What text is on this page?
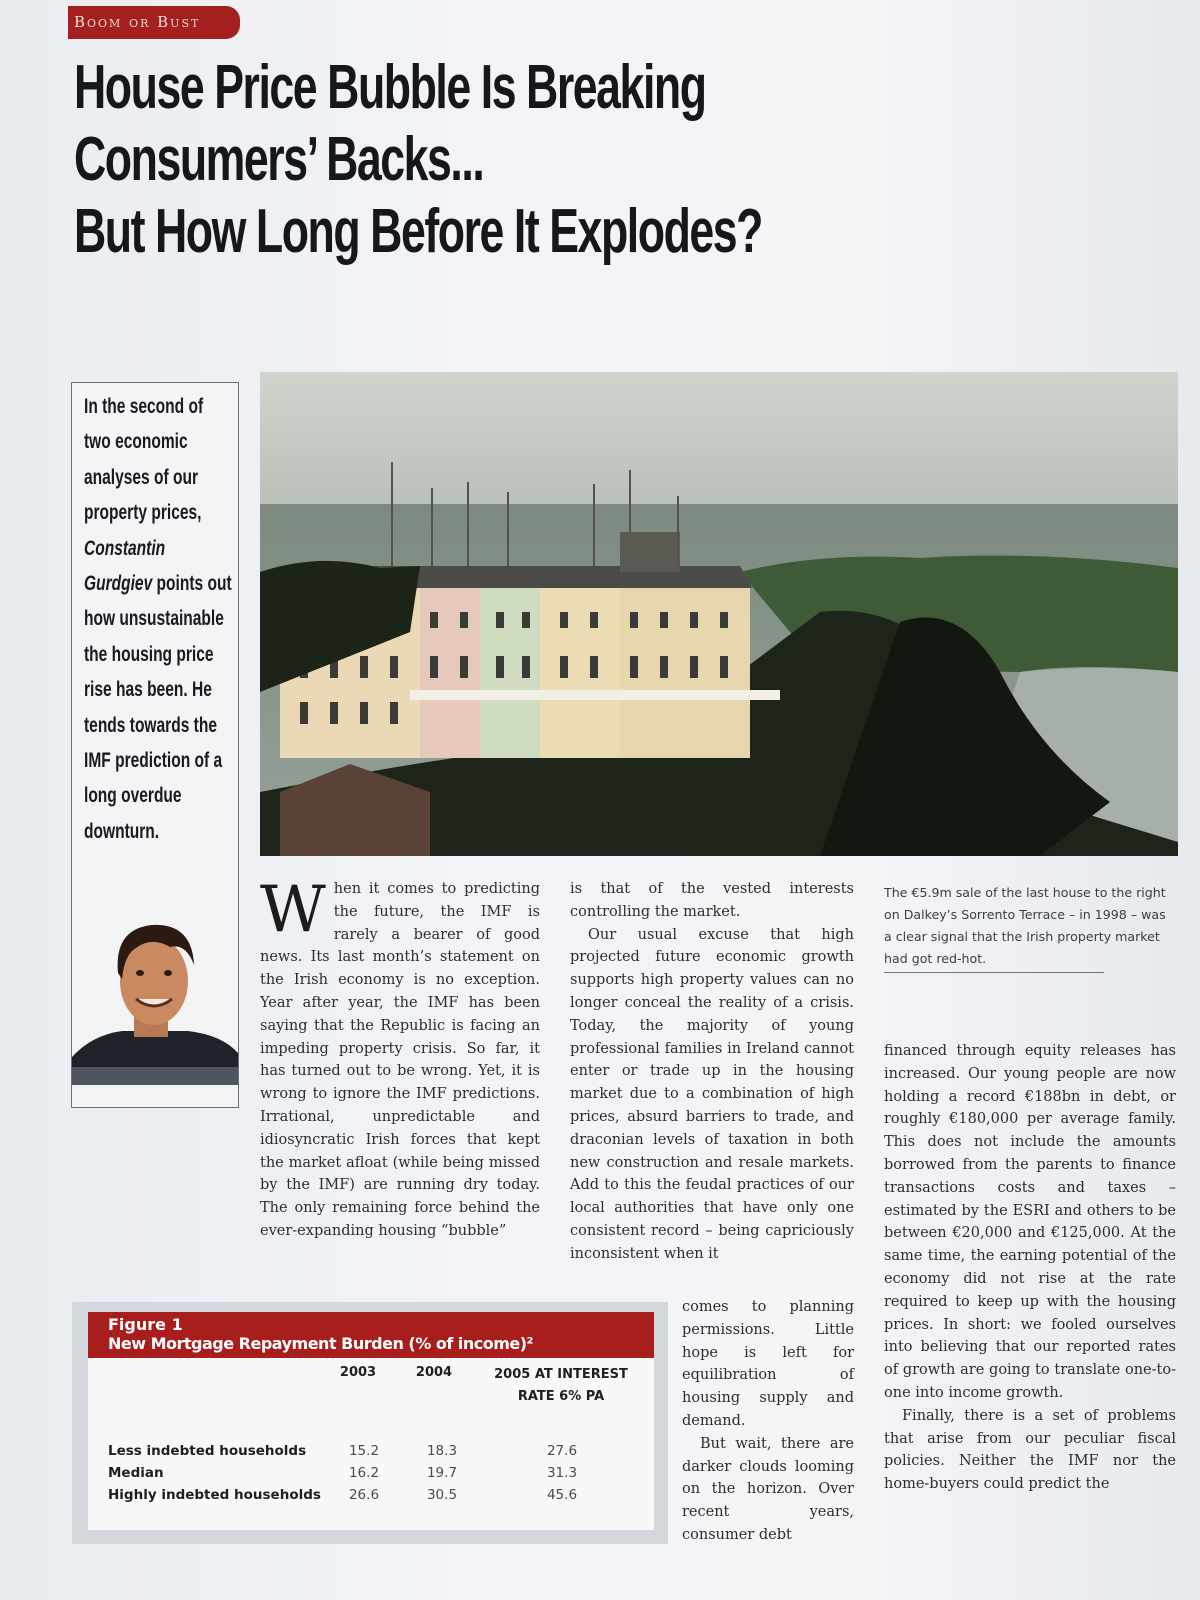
Boom or Bust
House Price Bubble Is Breaking
Consumers’ Backs...
But How Long Before It Explodes?

In the second of two economic analyses of our property prices, Constantin Gurdgiev points out how unsustainable the housing price rise has been. He tends towards the IMF prediction of a long overdue downturn.

When it comes to predicting the future, the IMF is rarely a bearer of good news. Its last month’s statement on the Irish economy is no exception. Year after year, the IMF has been saying that the Republic is facing an impeding property crisis. So far, it has turned out to be wrong. Yet, it is wrong to ignore the IMF predictions. Irrational, unpredictable and idiosyncratic Irish forces that kept the market afloat (while being missed by the IMF) are running dry today. The only remaining force behind the ever-expanding housing “bubble”

is that of the vested interests controlling the market.

Our usual excuse that high projected future economic growth supports high property values can no longer conceal the reality of a crisis. Today, the majority of young professional families in Ireland cannot enter or trade up in the housing market due to a combination of high prices, absurd barriers to trade, and draconian levels of taxation in both new construction and resale markets. Add to this the feudal practices of our local authorities that have only one consistent record – being capriciously inconsistent when it

comes to planning permissions. Little hope is left for equilibration of housing supply and demand.

But wait, there are darker clouds looming on the horizon. Over recent years, consumer debt

The €5.9m sale of the last house to the right on Dalkey’s Sorrento Terrace – in 1998 – was a clear signal that the Irish property market had got red-hot.

financed through equity releases has increased. Our young people are now holding a record €188bn in debt, or roughly €180,000 per average family. This does not include the amounts borrowed from the parents to finance transactions costs and taxes – estimated by the ESRI and others to be between €20,000 and €125,000. At the same time, the earning potential of the economy did not rise at the rate required to keep up with the housing prices. In short: we fooled ourselves into believing that our reported rates of growth are going to translate one-to-one into income growth.

Finally, there is a set of problems that arise from our peculiar fiscal policies. Neither the IMF nor the home-buyers could predict the

Figure 1
New Mortgage Repayment Burden (% of income)²
2003	2004	2005 AT INTEREST RATE 6% PA
Less indebted households	15.2	18.3	27.6
Median	16.2	19.7	31.3
Highly indebted households	26.6	30.5	45.6
